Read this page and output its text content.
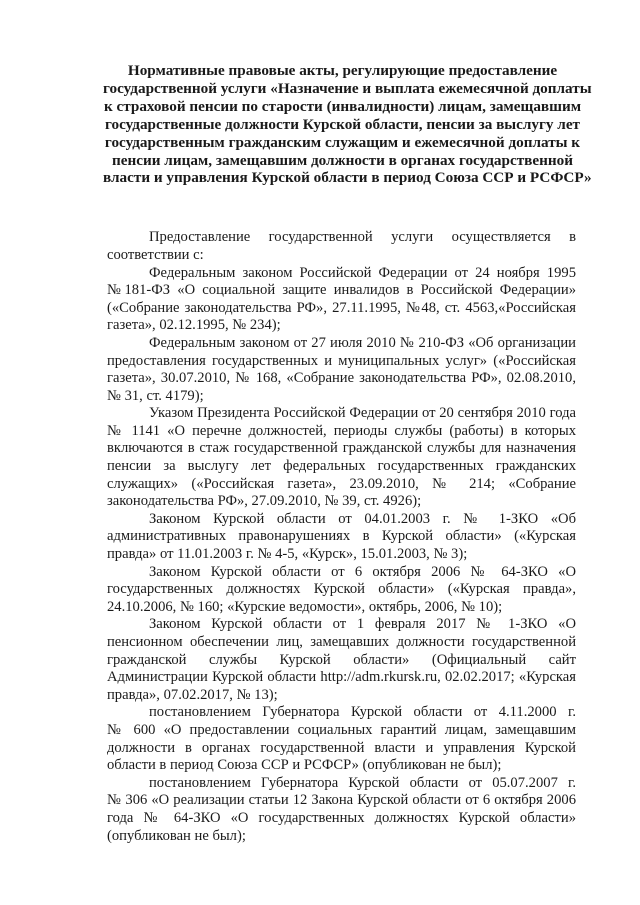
Нормативные правовые акты, регулирующие предоставление
государственной услуги «Назначение и выплата ежемесячной доплаты
к страховой пенсии по старости (инвалидности) лицам, замещавшим
государственные должности Курской области, пенсии за выслугу лет
государственным гражданским служащим и ежемесячной доплаты к
пенсии лицам, замещавшим должности в органах государственной
власти и управления Курской области в период Союза ССР и РСФСР»
Предоставление государственной услуги осуществляется в
соответствии с:
Федеральным законом Российской Федерации от 24 ноября 1995
№181-ФЗ «О социальной защите инвалидов в Российской Федерации»
(«Собрание законодательства РФ», 27.11.1995, №48, ст. 4563,«Российская
газета», 02.12.1995, № 234);
Федеральным законом от 27 июля 2010 № 210-ФЗ «Об организации
предоставления государственных и муниципальных услуг» («Российская
газета», 30.07.2010, № 168, «Собрание законодательства РФ», 02.08.2010,
№ 31, ст. 4179);
Указом Президента Российской Федерации от 20 сентября 2010 года
№ 1141 «О перечне должностей, периоды службы (работы) в которых
включаются в стаж государственной гражданской службы для назначения
пенсии за выслугу лет федеральных государственных гражданских
служащих» («Российская газета», 23.09.2010, № 214; «Собрание
законодательства РФ», 27.09.2010, № 39, ст. 4926);
Законом Курской области от 04.01.2003 г. № 1-ЗКО «Об
административных правонарушениях в Курской области» («Курская
правда» от 11.01.2003 г. № 4-5, «Курск», 15.01.2003, № 3);
Законом Курской области от 6 октября 2006 № 64-ЗКО «О
государственных должностях Курской области» («Курская правда»,
24.10.2006, № 160; «Курские ведомости», октябрь, 2006, № 10);
Законом Курской области от 1 февраля 2017 № 1-ЗКО «О
пенсионном обеспечении лиц, замещавших должности государственной
гражданской службы Курской области» (Официальный сайт
Администрации Курской области http://adm.rkursk.ru, 02.02.2017; «Курская
правда», 07.02.2017, № 13);
постановлением Губернатора Курской области от 4.11.2000 г.
№ 600 «О предоставлении социальных гарантий лицам, замещавшим
должности в органах государственной власти и управления Курской
области в период Союза ССР и РСФСР» (опубликован не был);
постановлением Губернатора Курской области от 05.07.2007 г.
№ 306 «О реализации статьи 12 Закона Курской области от 6 октября 2006
года № 64-ЗКО «О государственных должностях Курской области»
(опубликован не был);
